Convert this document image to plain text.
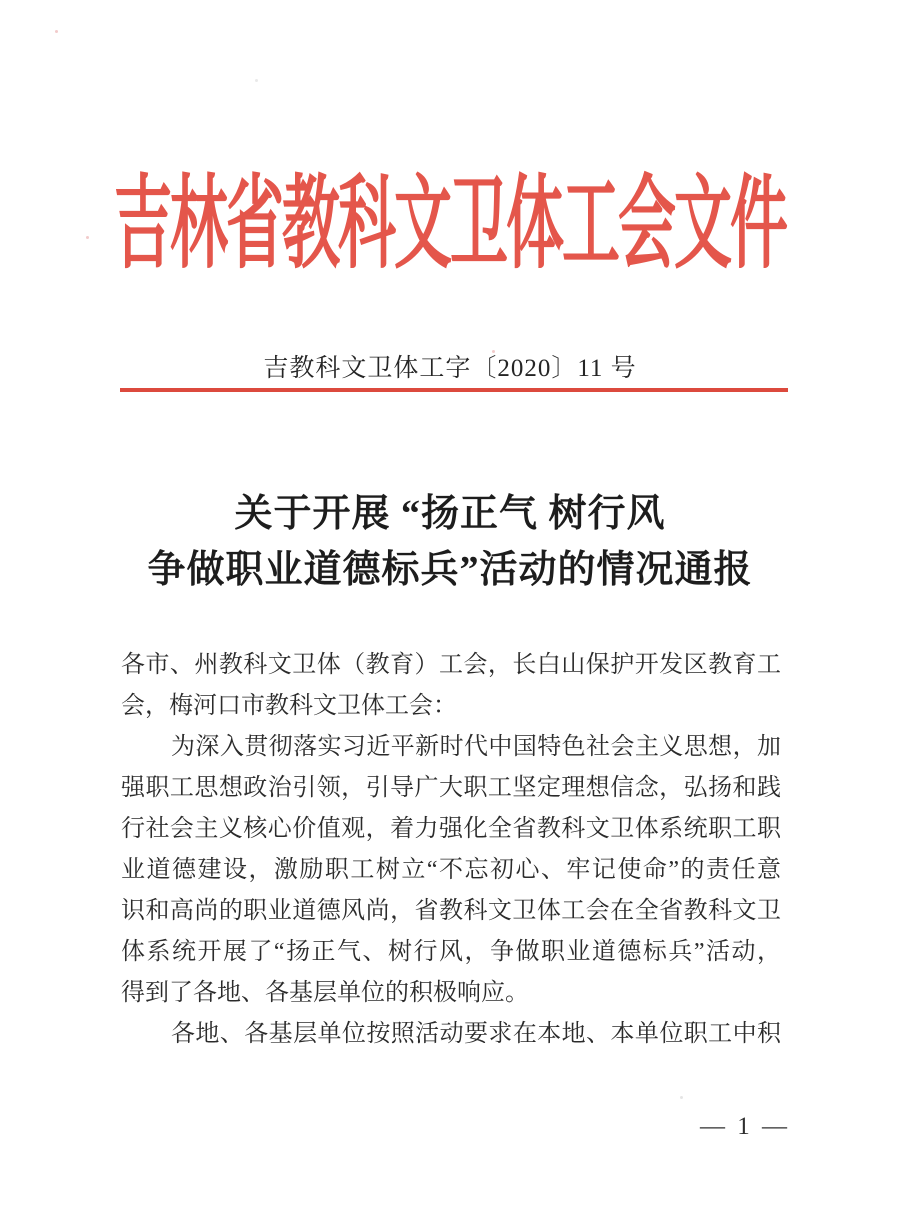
吉林省教科文卫体工会文件
吉教科文卫体工字〔2020〕11 号
关于开展 “扬正气 树行风
争做职业道德标兵”活动的情况通报
各市、州教科文卫体（教育）工会，长白山保护开发区教育工
会，梅河口市教科文卫体工会：
为深入贯彻落实习近平新时代中国特色社会主义思想，加
强职工思想政治引领，引导广大职工坚定理想信念，弘扬和践
行社会主义核心价值观，着力强化全省教科文卫体系统职工职
业道德建设，激励职工树立“不忘初心、牢记使命”的责任意
识和高尚的职业道德风尚，省教科文卫体工会在全省教科文卫
体系统开展了“扬正气、树行风，争做职业道德标兵”活动，
得到了各地、各基层单位的积极响应。
各地、各基层单位按照活动要求在本地、本单位职工中积
— 1 —
